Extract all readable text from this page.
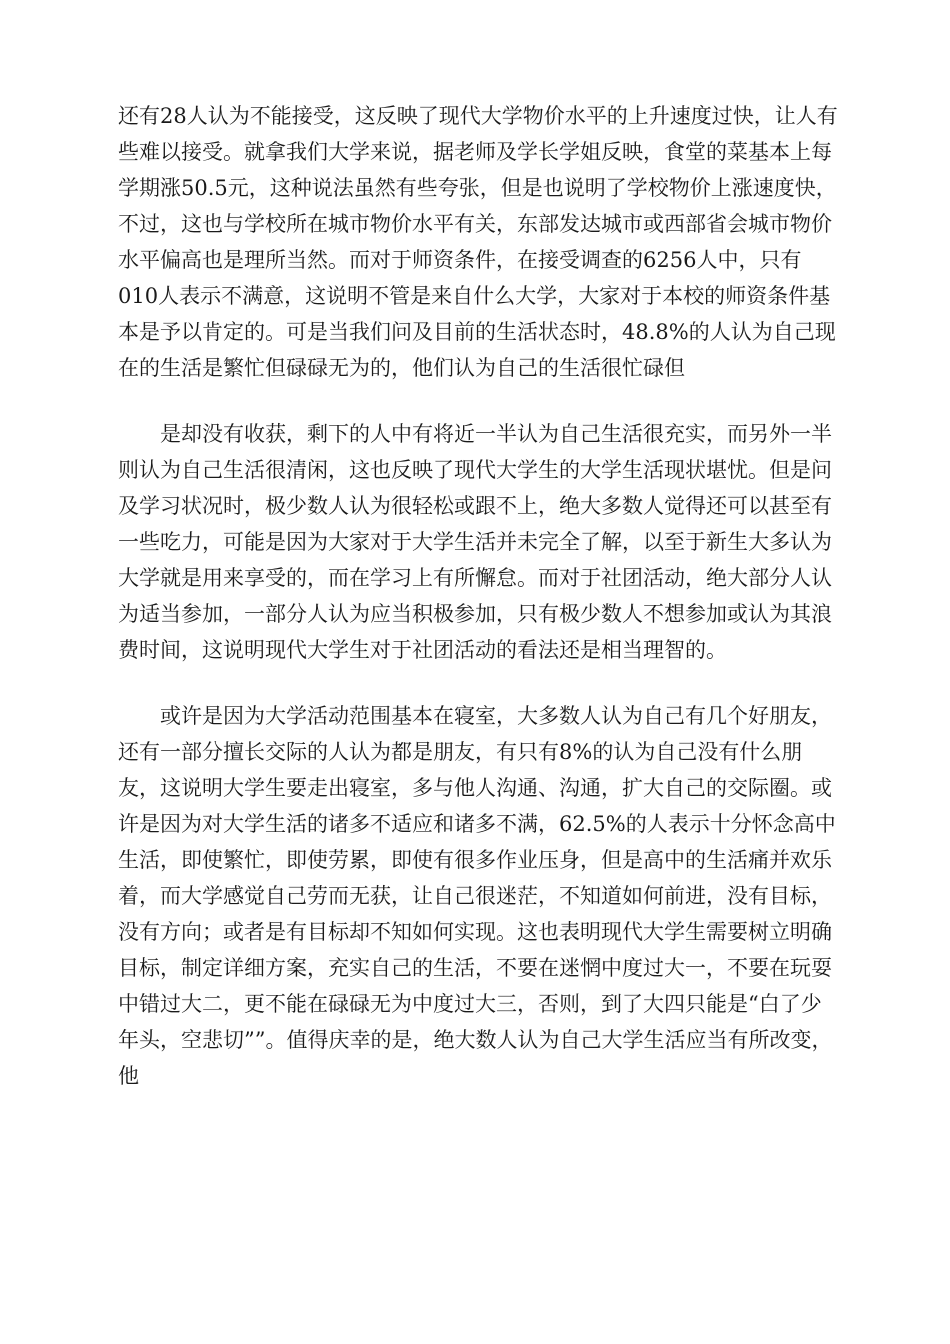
还有28人认为不能接受，这反映了现代大学物价水平的上升速度过快，让人有些难以接受。就拿我们大学来说，据老师及学长学姐反映，食堂的菜基本上每学期涨50.5元，这种说法虽然有些夸张，但是也说明了学校物价上涨速度快，不过，这也与学校所在城市物价水平有关，东部发达城市或西部省会城市物价水平偏高也是理所当然。而对于师资条件，在接受调查的6256人中，只有010人表示不满意，这说明不管是来自什么大学，大家对于本校的师资条件基本是予以肯定的。可是当我们问及目前的生活状态时，48.8%的人认为自己现在的生活是繁忙但碌碌无为的，他们认为自己的生活很忙碌但

是却没有收获，剩下的人中有将近一半认为自己生活很充实，而另外一半则认为自己生活很清闲，这也反映了现代大学生的大学生活现状堪忧。但是问及学习状况时，极少数人认为很轻松或跟不上，绝大多数人觉得还可以甚至有一些吃力，可能是因为大家对于大学生活并未完全了解，以至于新生大多认为大学就是用来享受的，而在学习上有所懈怠。而对于社团活动，绝大部分人认为适当参加，一部分人认为应当积极参加，只有极少数人不想参加或认为其浪费时间，这说明现代大学生对于社团活动的看法还是相当理智的。

或许是因为大学活动范围基本在寝室，大多数人认为自己有几个好朋友，还有一部分擅长交际的人认为都是朋友，有只有8%的认为自己没有什么朋友，这说明大学生要走出寝室，多与他人沟通、沟通，扩大自己的交际圈。或许是因为对大学生活的诸多不适应和诸多不满，62.5%的人表示十分怀念高中生活，即使繁忙，即使劳累，即使有很多作业压身，但是高中的生活痛并欢乐着，而大学感觉自己劳而无获，让自己很迷茫，不知道如何前进，没有目标，没有方向；或者是有目标却不知如何实现。这也表明现代大学生需要树立明确目标，制定详细方案，充实自己的生活，不要在迷惘中度过大一，不要在玩耍中错过大二，更不能在碌碌无为中度过大三，否则，到了大四只能是“白了少年头，空悲切””。值得庆幸的是，绝大数人认为自己大学生活应当有所改变，他
